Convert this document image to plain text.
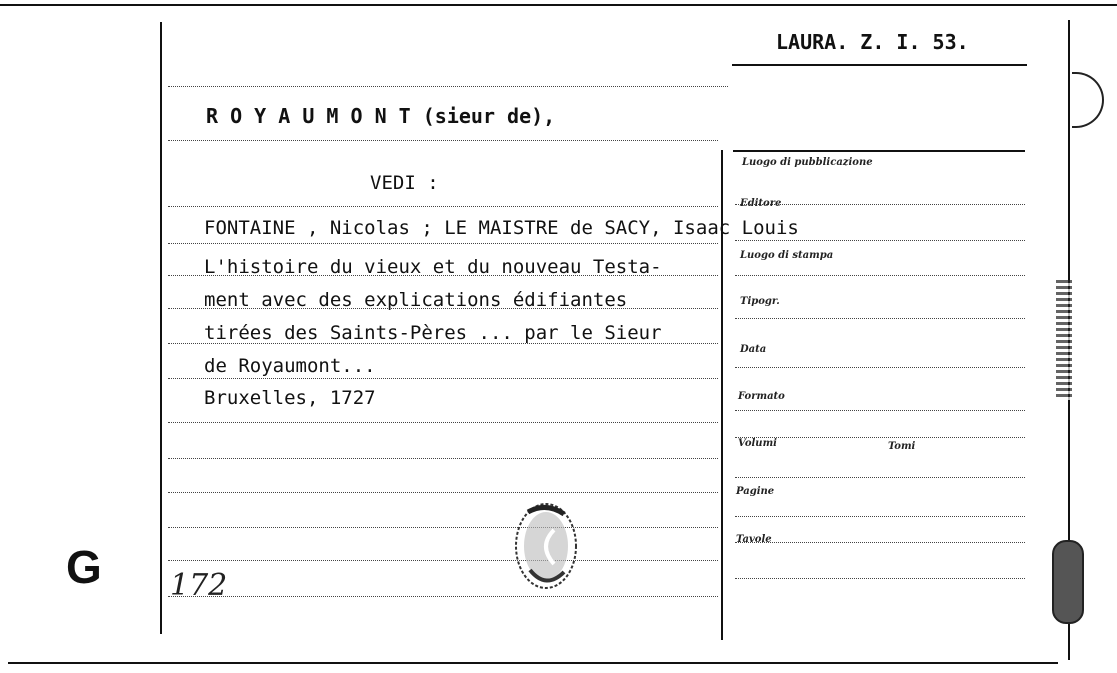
LAURA. Z. I. 53.
R O Y A U M O N T (sieur de),
VEDI :
FONTAINE , Nicolas ; LE MAISTRE de SACY, Isaac Louis
L'histoire du vieux et du nouveau Testa-
ment avec des explications édifiantes
tirées des Saints-Pères ... par le Sieur
de Royaumont...
Bruxelles, 1727
Luogo di pubblicazione
Editore
Luogo di stampa
Tipogr.
Data
Formato
Volumi	Tomi
Pagine
Tavole
G 172
